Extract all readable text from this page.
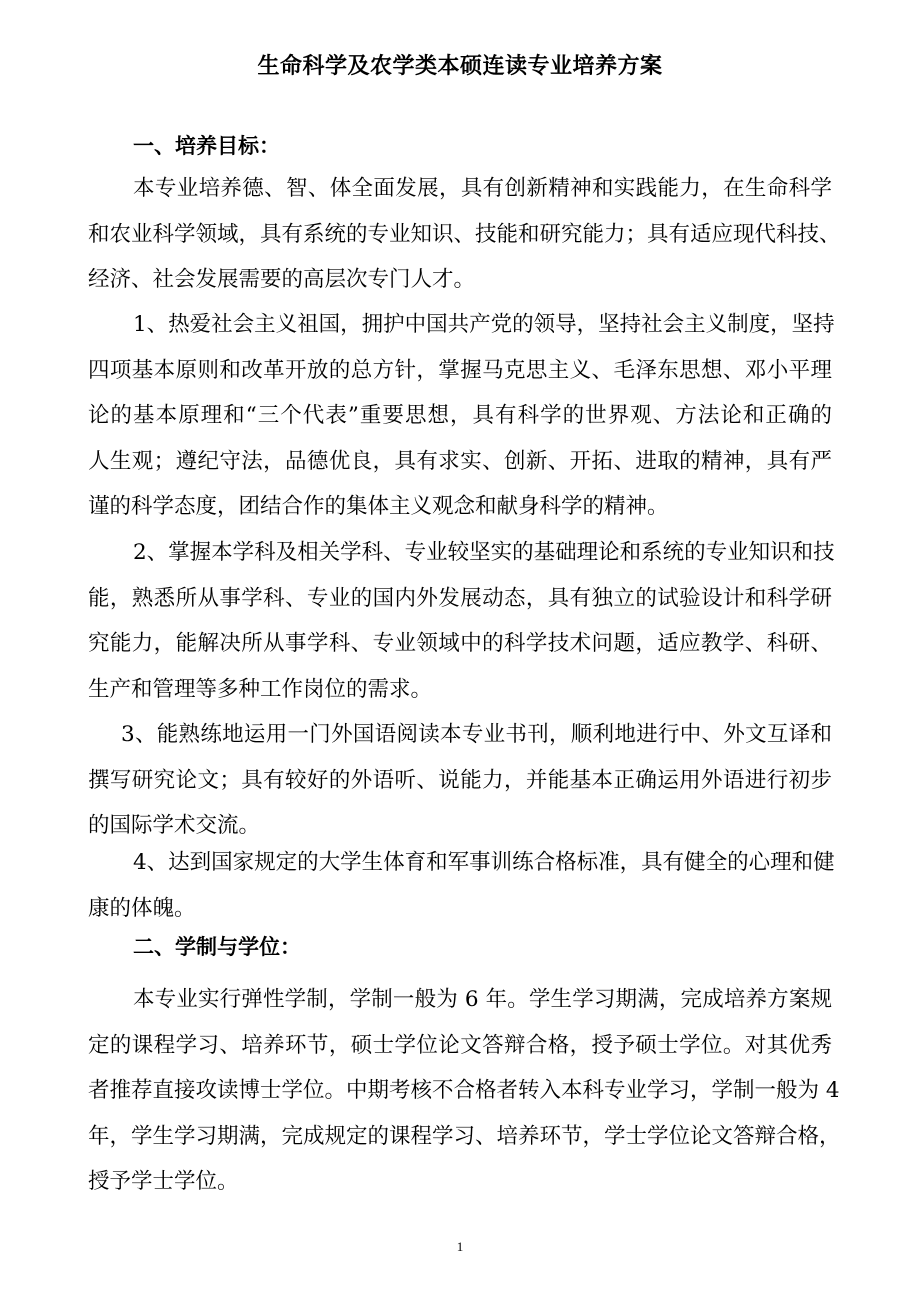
生命科学及农学类本硕连读专业培养方案
一、培养目标：
本专业培养德、智、体全面发展，具有创新精神和实践能力，在生命科学
和农业科学领域，具有系统的专业知识、技能和研究能力；具有适应现代科技、
经济、社会发展需要的高层次专门人才。
1、热爱社会主义祖国，拥护中国共产党的领导，坚持社会主义制度，坚持
四项基本原则和改革开放的总方针，掌握马克思主义、毛泽东思想、邓小平理
论的基本原理和“三个代表”重要思想，具有科学的世界观、方法论和正确的
人生观；遵纪守法，品德优良，具有求实、创新、开拓、进取的精神，具有严
谨的科学态度，团结合作的集体主义观念和献身科学的精神。
2、掌握本学科及相关学科、专业较坚实的基础理论和系统的专业知识和技
能，熟悉所从事学科、专业的国内外发展动态，具有独立的试验设计和科学研
究能力，能解决所从事学科、专业领域中的科学技术问题，适应教学、科研、
生产和管理等多种工作岗位的需求。
3、能熟练地运用一门外国语阅读本专业书刊，顺利地进行中、外文互译和
撰写研究论文；具有较好的外语听、说能力，并能基本正确运用外语进行初步
的国际学术交流。
4、达到国家规定的大学生体育和军事训练合格标准，具有健全的心理和健
康的体魄。
二、学制与学位：
本专业实行弹性学制，学制一般为 6 年。学生学习期满，完成培养方案规
定的课程学习、培养环节，硕士学位论文答辩合格，授予硕士学位。对其优秀
者推荐直接攻读博士学位。中期考核不合格者转入本科专业学习，学制一般为 4
年，学生学习期满，完成规定的课程学习、培养环节，学士学位论文答辩合格，
授予学士学位。
1
